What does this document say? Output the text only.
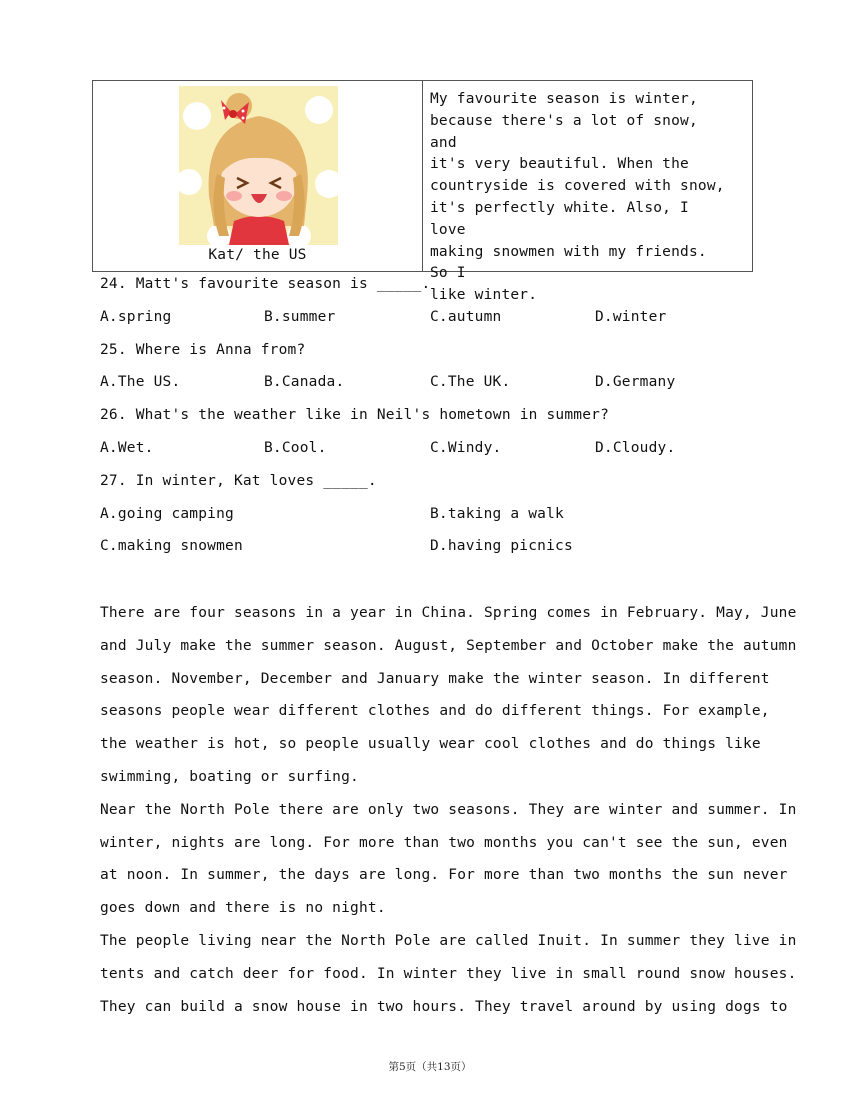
Kat/ the US
My favourite season is winter,
because there's a lot of snow, and
it's very beautiful. When the
countryside is covered with snow,
it's perfectly white. Also, I love
making snowmen with my friends. So I
like winter.
24. Matt's favourite season is _____.
A.spring	B.summer	C.autumn	D.winter
25. Where is Anna from?
A.The US.	B.Canada.	C.The UK.	D.Germany
26. What's the weather like in Neil's hometown in summer?
A.Wet.	B.Cool.	C.Windy.	D.Cloudy.
27. In winter, Kat loves _____.
A.going camping	B.taking a walk
C.making snowmen	D.having picnics
There are four seasons in a year in China. Spring comes in February. May, June
and July make the summer season. August, September and October make the autumn
season. November, December and January make the winter season. In different
seasons people wear different clothes and do different things. For example,
the weather is hot, so people usually wear cool clothes and do things like
swimming, boating or surfing.
Near the North Pole there are only two seasons. They are winter and summer. In
winter, nights are long. For more than two months you can't see the sun, even
at noon. In summer, the days are long. For more than two months the sun never
goes down and there is no night.
The people living near the North Pole are called Inuit. In summer they live in
tents and catch deer for food. In winter they live in small round snow houses.
They can build a snow house in two hours. They travel around by using dogs to
第5页（共13页）
